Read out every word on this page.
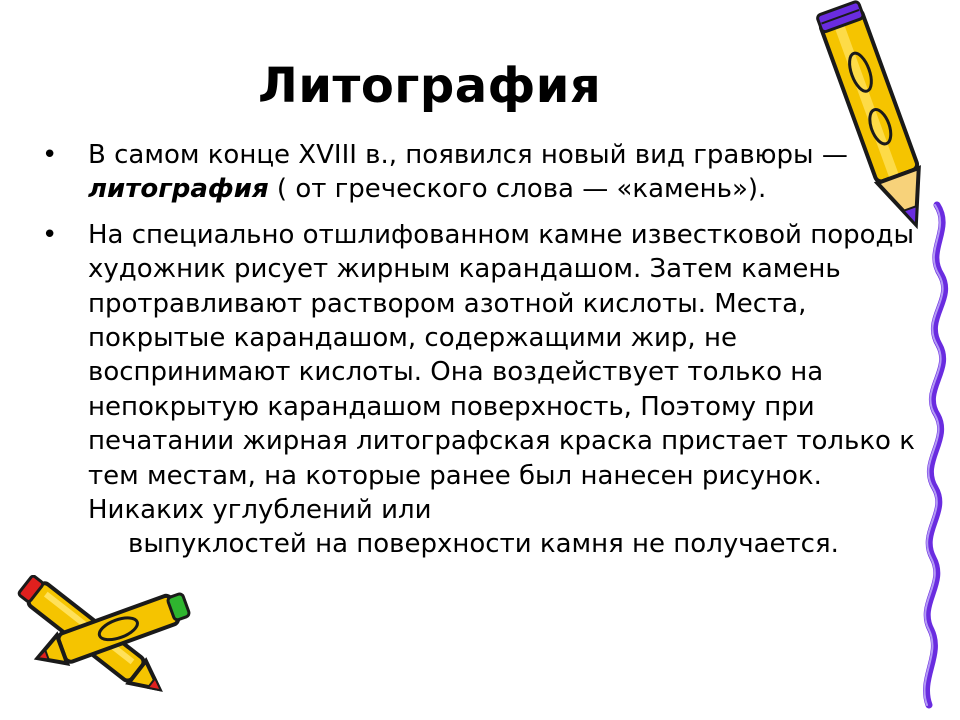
Литография
• В самом конце XVIII в., появился новый вид гравюры — литография ( от греческого слова — «камень»).
• На специально отшлифованном камне известковой породы художник рисует жирным карандашом. Затем камень протравливают раствором азотной кислоты. Места, покрытые карандашом, содержащими жир, не воспринимают кислоты. Она воздействует только на непокрытую карандашом поверхность, Поэтому при печатании жирная литографская краска пристает только к тем местам, на которые ранее был нанесен рисунок. Никаких углублений или
выпуклостей на поверхности камня не получается.
